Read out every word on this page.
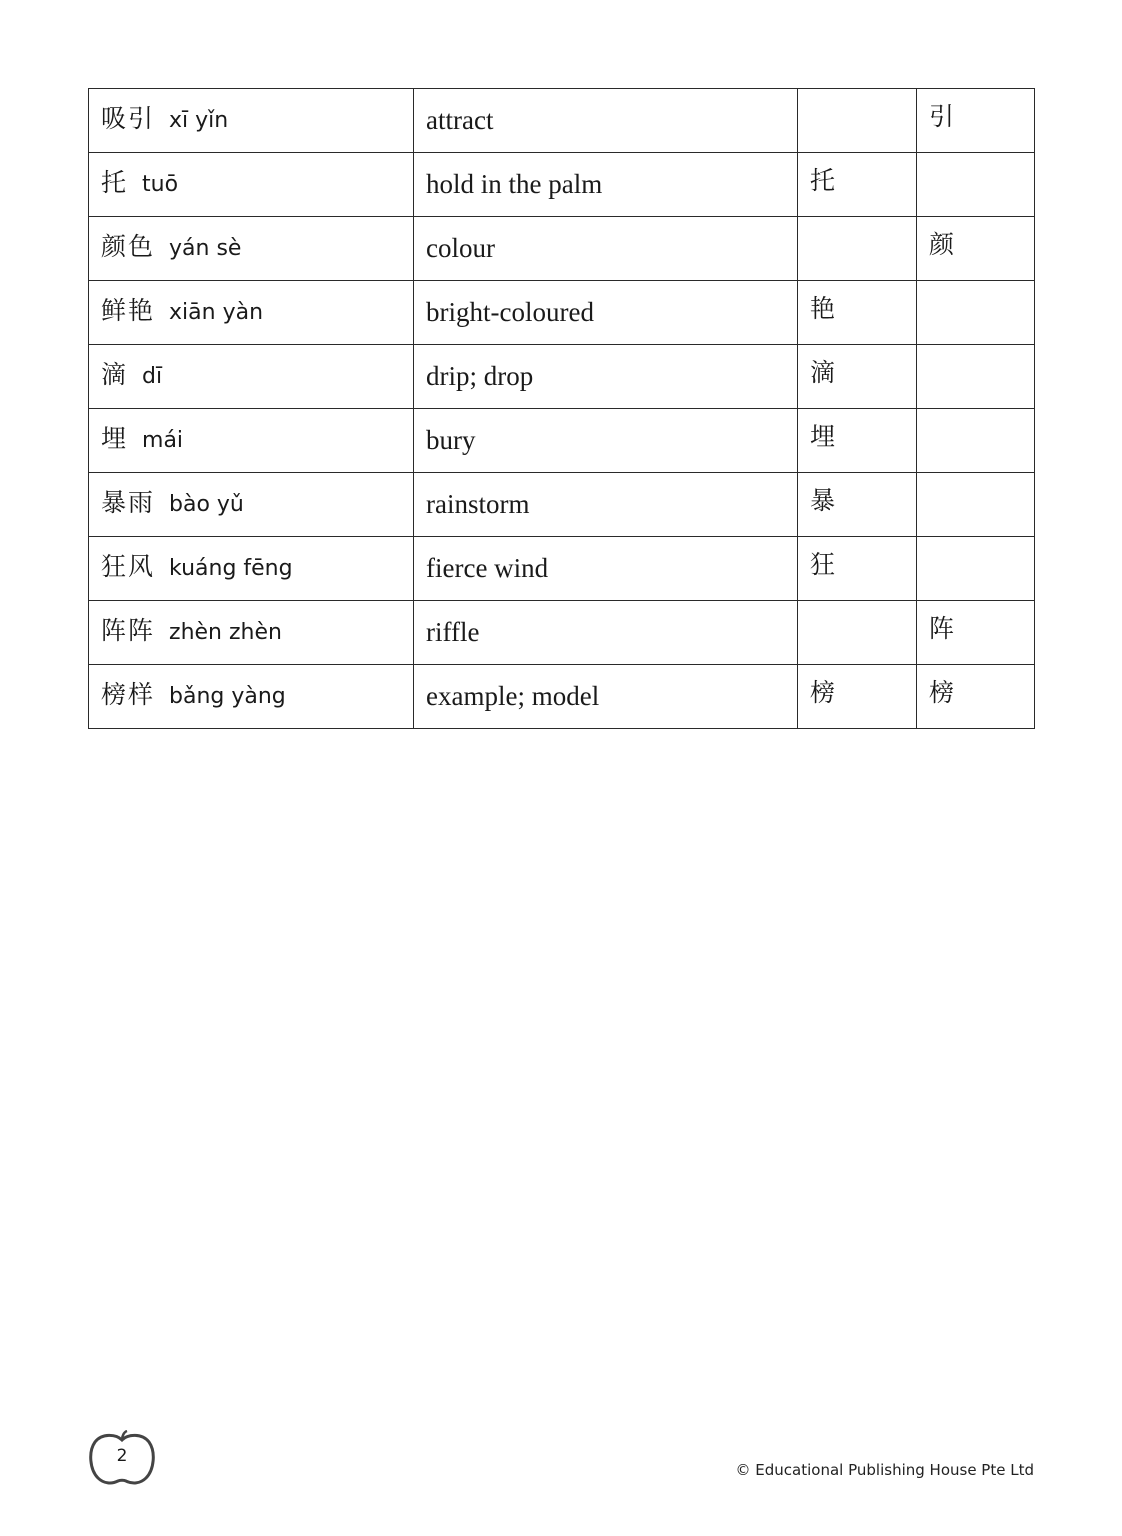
吸引 xī yǐn	attract		引
托 tuō	hold in the palm	托	
颜色 yán sè	colour		颜
鲜艳 xiān yàn	bright-coloured	艳	
滴 dī	drip; drop	滴	
埋 mái	bury	埋	
暴雨 bào yǔ	rainstorm	暴	
狂风 kuáng fēng	fierce wind	狂	
阵阵 zhèn zhèn	riffle		阵
榜样 bǎng yàng	example; model	榜	榜
2
© Educational Publishing House Pte Ltd
